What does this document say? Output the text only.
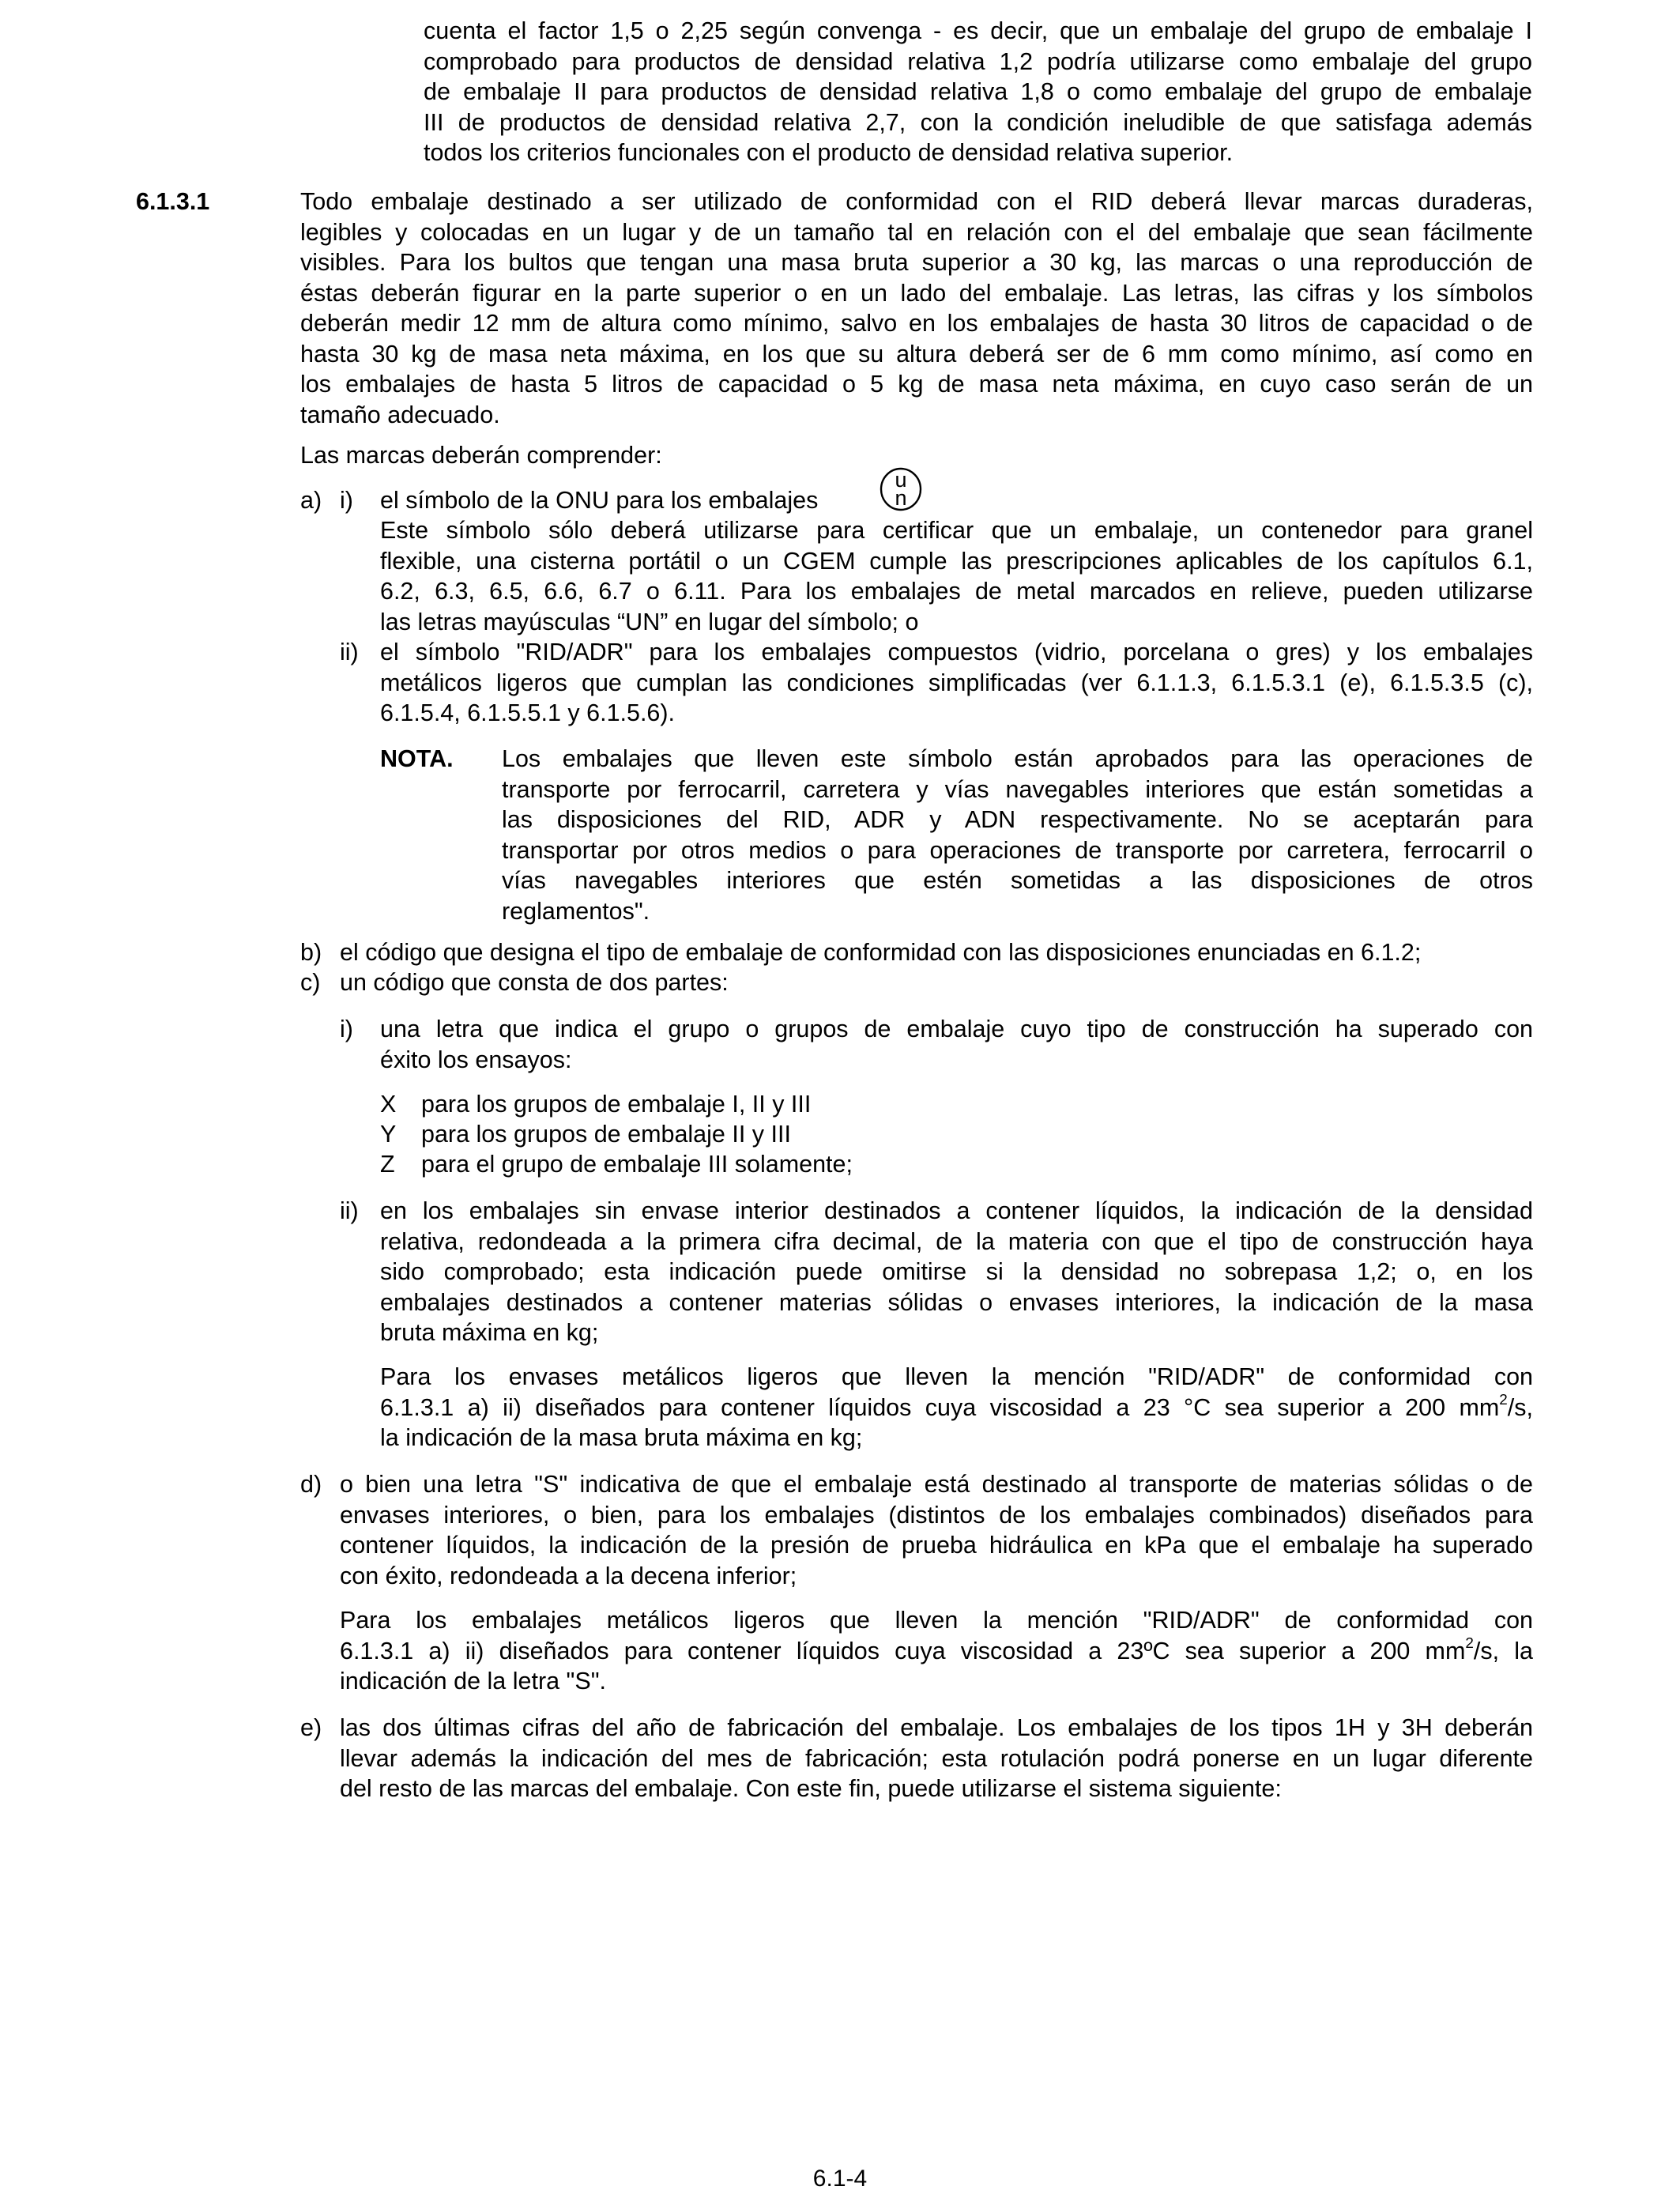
cuenta el factor 1,5 o 2,25 según convenga - es decir, que un embalaje del grupo de embalaje I

comprobado para productos de densidad relativa 1,2 podría utilizarse como embalaje del grupo

de embalaje II para productos de densidad relativa 1,8 o como embalaje del grupo de embalaje

III de productos de densidad relativa 2,7, con la condición ineludible de que satisfaga además

todos los criterios funcionales con el producto de densidad relativa superior.

6.1.3.1	Todo embalaje destinado a ser utilizado de conformidad con el RID deberá llevar marcas duraderas,

legibles y colocadas en un lugar y de un tamaño tal en relación con el del embalaje que sean fácilmente

visibles. Para los bultos que tengan una masa bruta superior a 30 kg, las marcas o una reproducción de

éstas deberán figurar en la parte superior o en un lado del embalaje. Las letras, las cifras y los símbolos

deberán medir 12 mm de altura como mínimo, salvo en los embalajes de hasta 30 litros de capacidad o de

hasta 30 kg de masa neta máxima, en los que su altura deberá ser de 6 mm como mínimo, así como en

los embalajes de hasta 5 litros de capacidad o 5 kg de masa neta máxima, en cuyo caso serán de un

tamaño adecuado.

Las marcas deberán comprender:
a) i) el símbolo de la ONU para los embalajes
u
n

Este símbolo sólo deberá utilizarse para certificar que un embalaje, un contenedor para granel

flexible, una cisterna portátil o un CGEM cumple las prescripciones aplicables de los capítulos 6.1,

6.2, 6.3, 6.5, 6.6, 6.7 o 6.11. Para los embalajes de metal marcados en relieve, pueden utilizarse

las letras mayúsculas “UN” en lugar del símbolo; o

ii) el símbolo "RID/ADR" para los embalajes compuestos (vidrio, porcelana o gres) y los embalajes

metálicos ligeros que cumplan las condiciones simplificadas (ver 6.1.1.3, 6.1.5.3.1 (e), 6.1.5.3.5 (c),

6.1.5.4, 6.1.5.5.1 y 6.1.5.6).

NOTA. Los embalajes que lleven este símbolo están aprobados para las operaciones de

transporte por ferrocarril, carretera y vías navegables interiores que están sometidas a

las disposiciones del RID, ADR y ADN respectivamente. No se aceptarán para

transportar por otros medios o para operaciones de transporte por carretera, ferrocarril o

vías navegables interiores que estén sometidas a las disposiciones de otros

reglamentos".

b) el código que designa el tipo de embalaje de conformidad con las disposiciones enunciadas en 6.1.2;
c) un código que consta de dos partes:
i) una letra que indica el grupo o grupos de embalaje cuyo tipo de construcción ha superado con

éxito los ensayos:

X para los grupos de embalaje I, II y III
Y para los grupos de embalaje II y III
Z para el grupo de embalaje III solamente;
ii) en los embalajes sin envase interior destinados a contener líquidos, la indicación de la densidad

relativa, redondeada a la primera cifra decimal, de la materia con que el tipo de construcción haya

sido comprobado; esta indicación puede omitirse si la densidad no sobrepasa 1,2; o, en los

embalajes destinados a contener materias sólidas o envases interiores, la indicación de la masa

bruta máxima en kg;

Para los envases metálicos ligeros que lleven la mención "RID/ADR" de conformidad con

6.1.3.1 a) ii) diseñados para contener líquidos cuya viscosidad a 23 °C sea superior a 200 $mm^2/s$,

la indicación de la masa bruta máxima en kg;

d) o bien una letra "S" indicativa de que el embalaje está destinado al transporte de materias sólidas o de

envases interiores, o bien, para los embalajes (distintos de los embalajes combinados) diseñados para

contener líquidos, la indicación de la presión de prueba hidráulica en kPa que el embalaje ha superado

con éxito, redondeada a la decena inferior;

Para los embalajes metálicos ligeros que lleven la mención "RID/ADR" de conformidad con

6.1.3.1 a) ii) diseñados para contener líquidos cuya viscosidad a 23ºC sea superior a 200 $mm^2/s$, la

indicación de la letra "S".

e) las dos últimas cifras del año de fabricación del embalaje. Los embalajes de los tipos 1H y 3H deberán

llevar además la indicación del mes de fabricación; esta rotulación podrá ponerse en un lugar diferente

del resto de las marcas del embalaje. Con este fin, puede utilizarse el sistema siguiente:

6.1-4
